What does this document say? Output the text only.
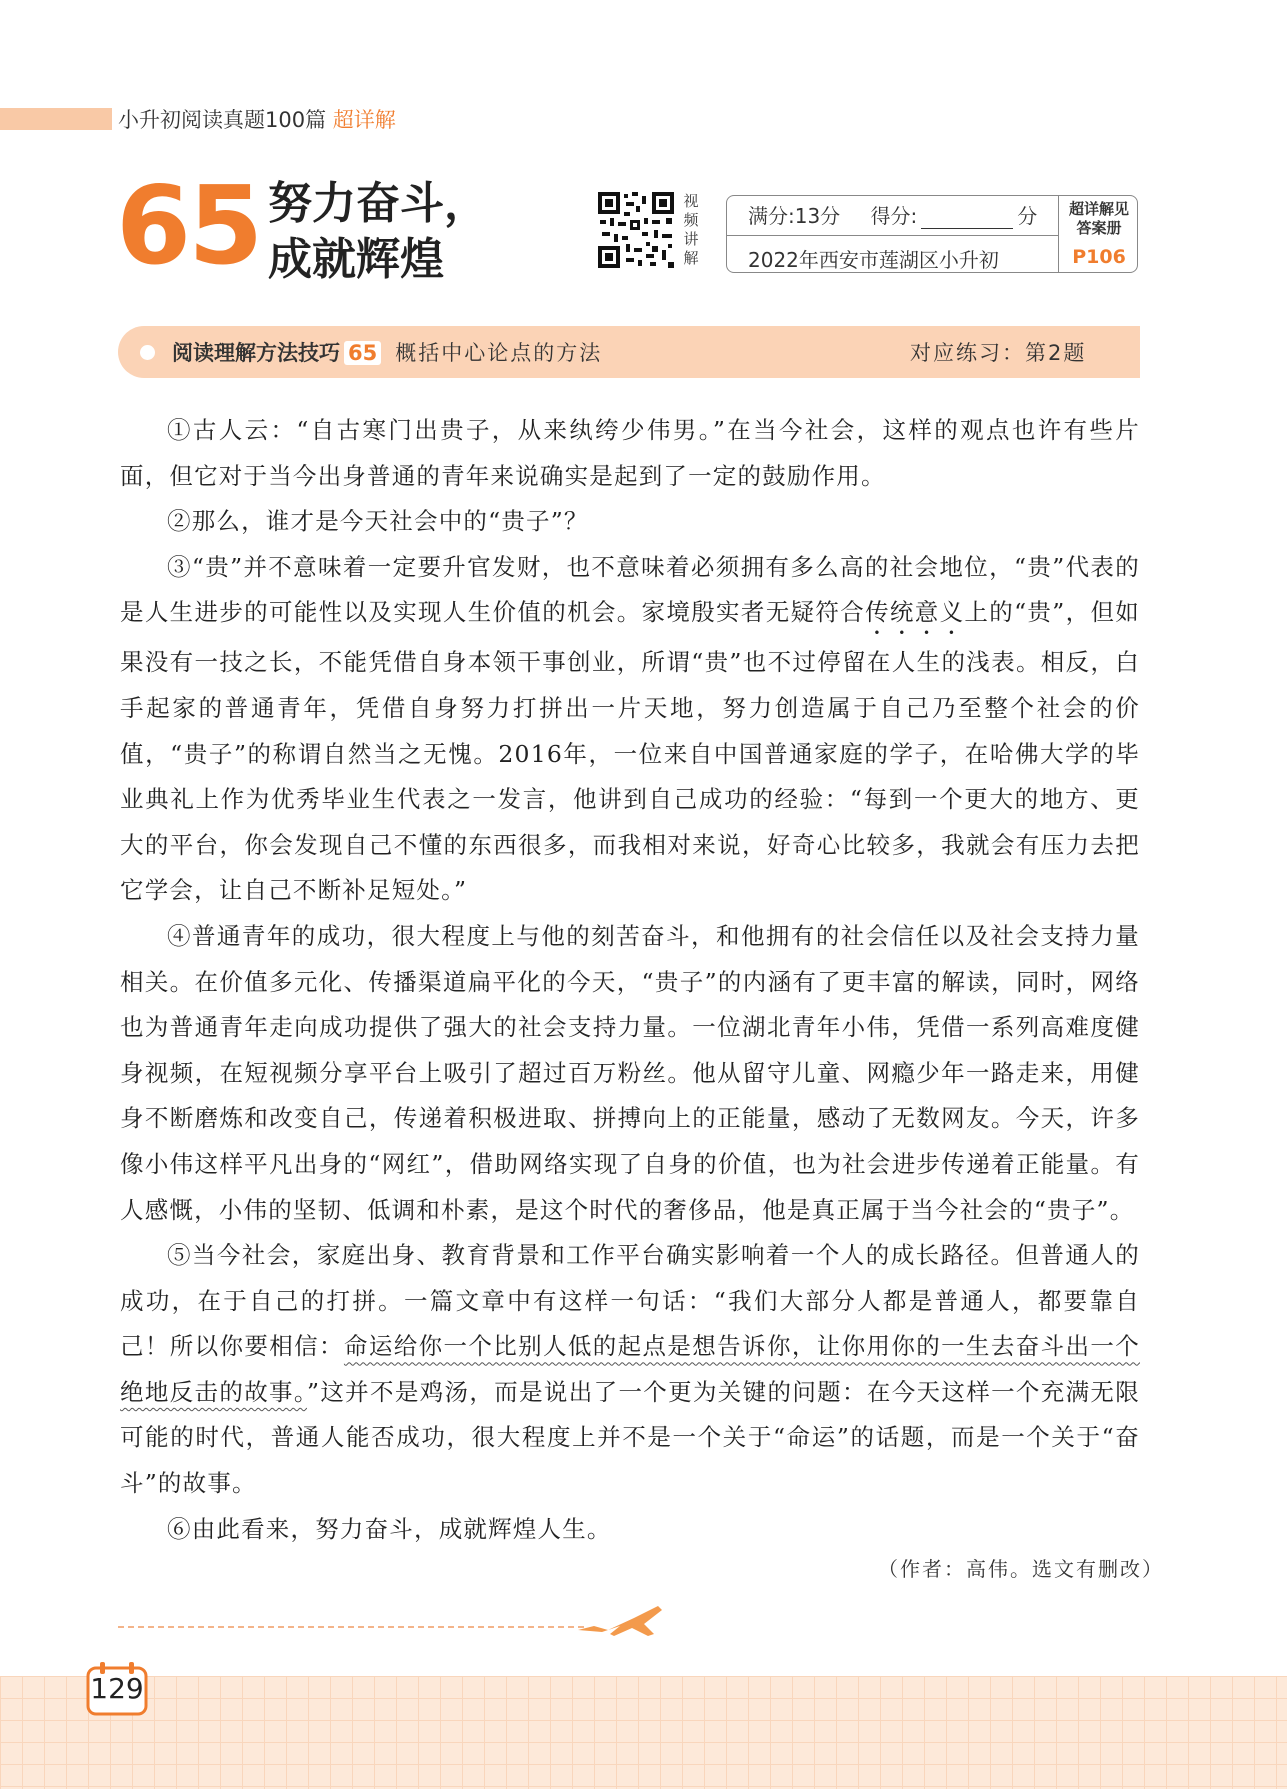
小升初阅读真题100篇 超详解
65 努力奋斗，
成就辉煌
视
频
讲
解
满分:13分 得分:	分
2022年西安市莲湖区小升初
超详解见
答案册
P106
阅读理解方法技巧 65 概括中心论点的方法	对应练习：第2题

①古人云：“自古寒门出贵子，从来纨绔少伟男。”在当今社会，这样的观点也许有些片面，但它对于当今出身普通的青年来说确实是起到了一定的鼓励作用。

②那么，谁才是今天社会中的“贵子”？

③“贵”并不意味着一定要升官发财，也不意味着必须拥有多么高的社会地位，“贵”代表的是人生进步的可能性以及实现人生价值的机会。家境殷实者无疑符合传统意义上的“贵”，但如果没有一技之长，不能凭借自身本领干事创业，所谓“贵”也不过停留在人生的浅表。相反，白手起家的普通青年，凭借自身努力打拼出一片天地，努力创造属于自己乃至整个社会的价值，“贵子”的称谓自然当之无愧。2016年，一位来自中国普通家庭的学子，在哈佛大学的毕业典礼上作为优秀毕业生代表之一发言，他讲到自己成功的经验：“每到一个更大的地方、更大的平台，你会发现自己不懂的东西很多，而我相对来说，好奇心比较多，我就会有压力去把它学会，让自己不断补足短处。”

④普通青年的成功，很大程度上与他的刻苦奋斗，和他拥有的社会信任以及社会支持力量相关。在价值多元化、传播渠道扁平化的今天，“贵子”的内涵有了更丰富的解读，同时，网络也为普通青年走向成功提供了强大的社会支持力量。一位湖北青年小伟，凭借一系列高难度健身视频，在短视频分享平台上吸引了超过百万粉丝。他从留守儿童、网瘾少年一路走来，用健身不断磨炼和改变自己，传递着积极进取、拼搏向上的正能量，感动了无数网友。今天，许多像小伟这样平凡出身的“网红”，借助网络实现了自身的价值，也为社会进步传递着正能量。有人感慨，小伟的坚韧、低调和朴素，是这个时代的奢侈品，他是真正属于当今社会的“贵子”。

⑤当今社会，家庭出身、教育背景和工作平台确实影响着一个人的成长路径。但普通人的成功，在于自己的打拼。一篇文章中有这样一句话：“我们大部分人都是普通人，都要靠自己！所以你要相信：命运给你一个比别人低的起点是想告诉你，让你用你的一生去奋斗出一个绝地反击的故事。”这并不是鸡汤，而是说出了一个更为关键的问题：在今天这样一个充满无限可能的时代，普通人能否成功，很大程度上并不是一个关于“命运”的话题，而是一个关于“奋斗”的故事。

⑥由此看来，努力奋斗，成就辉煌人生。

（作者：高伟。选文有删改）
129
